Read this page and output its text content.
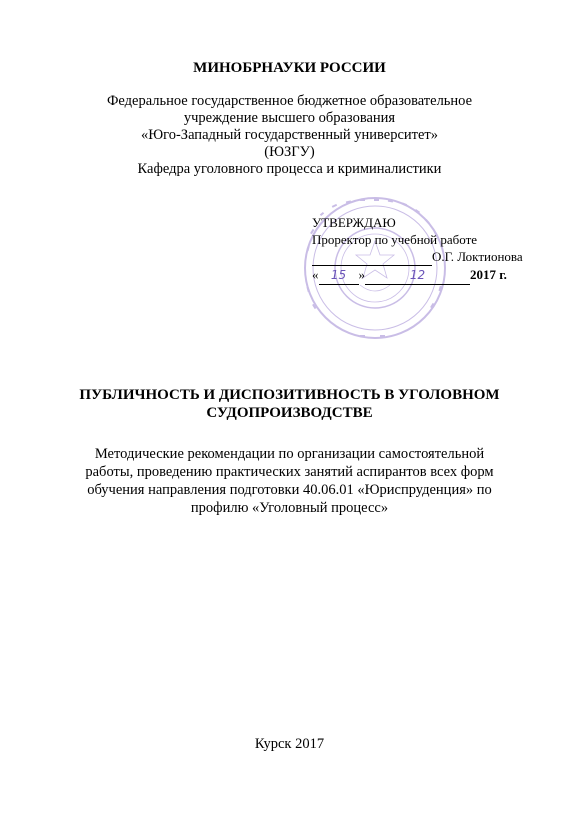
МИНОБРНАУКИ РОССИИ
Федеральное государственное бюджетное образовательное
учреждение высшего образования
«Юго-Западный государственный университет»
(ЮЗГУ)
Кафедра уголовного процесса и криминалистики
УТВЕРЖДАЮ
Проректор по учебной работе
О.Г. Локтионова
« 15 »	12	2017 г.
ПУБЛИЧНОСТЬ И ДИСПОЗИТИВНОСТЬ В УГОЛОВНОМ
СУДОПРОИЗВОДСТВЕ
Методические рекомендации по организации самостоятельной
работы, проведению практических занятий аспирантов всех форм
обучения направления подготовки 40.06.01 «Юриспруденция» по
профилю «Уголовный процесс»
Курск 2017
